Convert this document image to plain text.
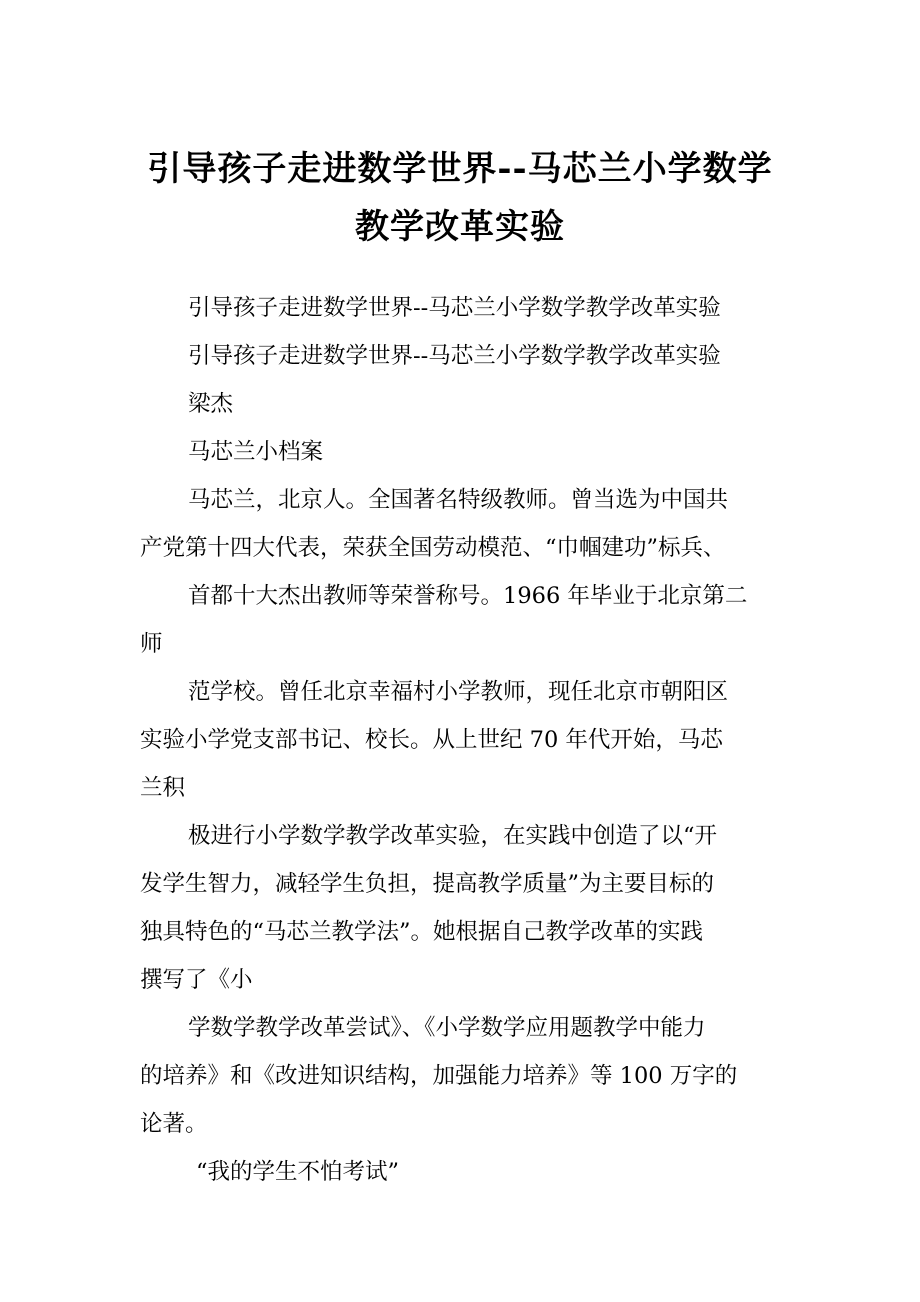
引导孩子走进数学世界--马芯兰小学数学
教学改革实验

引导孩子走进数学世界--马芯兰小学数学教学改革实验

引导孩子走进数学世界--马芯兰小学数学教学改革实验

梁杰

马芯兰小档案

马芯兰，北京人。全国著名特级教师。曾当选为中国共

产党第十四大代表，荣获全国劳动模范、“巾帼建功”标兵、

首都十大杰出教师等荣誉称号。1966 年毕业于北京第二

师

范学校。曾任北京幸福村小学教师，现任北京市朝阳区

实验小学党支部书记、校长。从上世纪 70 年代开始，马芯

兰积

极进行小学数学教学改革实验，在实践中创造了以“开

发学生智力，减轻学生负担，提高教学质量”为主要目标的

独具特色的“马芯兰教学法”。她根据自己教学改革的实践

撰写了《小

学数学教学改革尝试》、《小学数学应用题教学中能力

的培养》和《改进知识结构，加强能力培养》等 100 万字的

论著。

“我的学生不怕考试”
